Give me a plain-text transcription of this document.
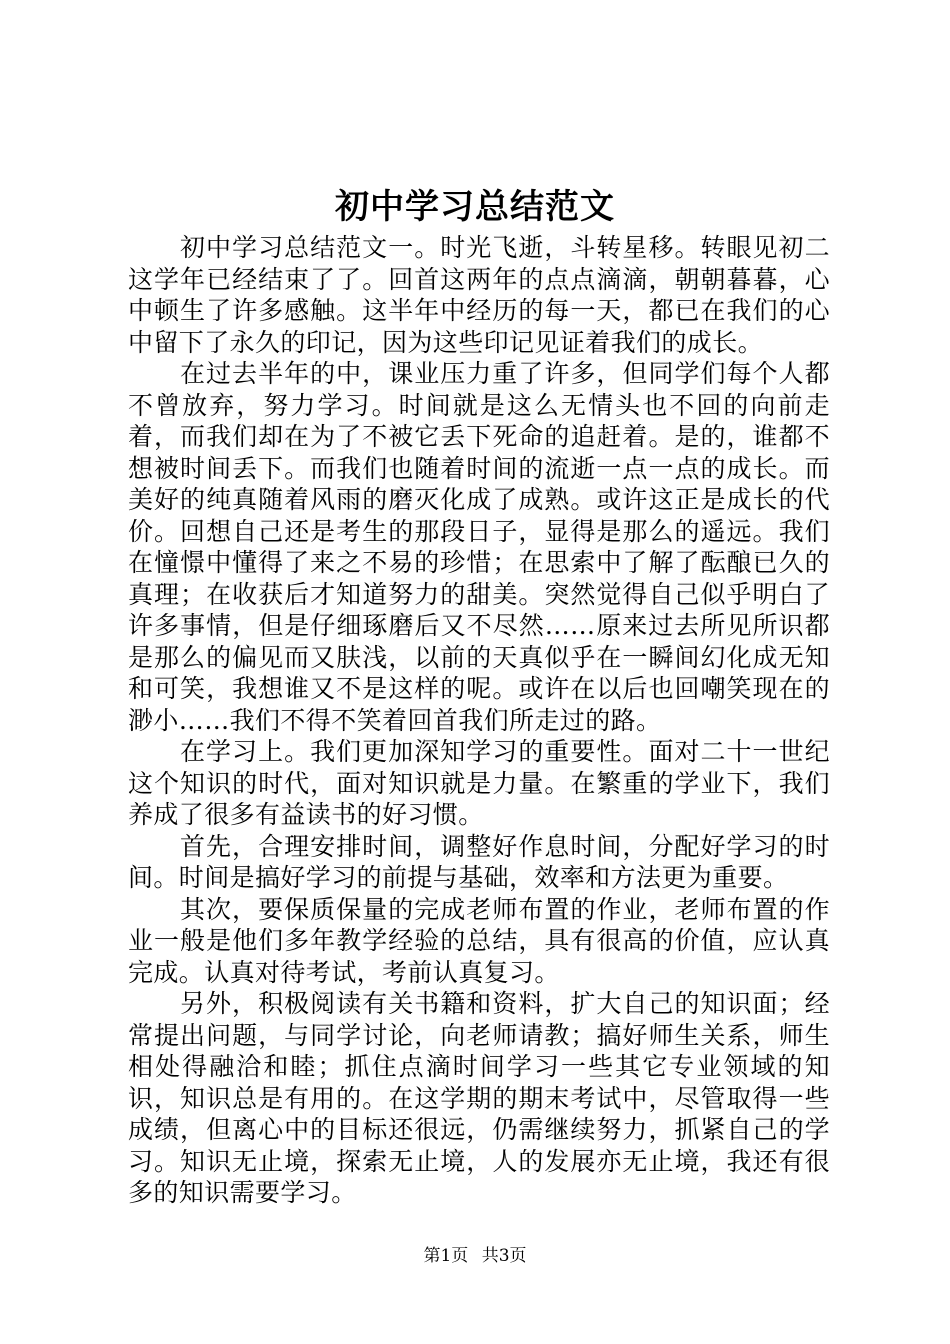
初中学习总结范文

初中学习总结范文一。时光飞逝，斗转星移。转眼见初二这学年已经结束了了。回首这两年的点点滴滴，朝朝暮暮，心中顿生了许多感触。这半年中经历的每一天，都已在我们的心中留下了永久的印记，因为这些印记见证着我们的成长。

在过去半年的中，课业压力重了许多，但同学们每个人都不曾放弃，努力学习。时间就是这么无情头也不回的向前走着，而我们却在为了不被它丢下死命的追赶着。是的，谁都不想被时间丢下。而我们也随着时间的流逝一点一点的成长。而美好的纯真随着风雨的磨灭化成了成熟。或许这正是成长的代价。回想自己还是考生的那段日子，显得是那么的遥远。我们在憧憬中懂得了来之不易的珍惜；在思索中了解了酝酿已久的真理；在收获后才知道努力的甜美。突然觉得自己似乎明白了许多事情，但是仔细琢磨后又不尽然……原来过去所见所识都是那么的偏见而又肤浅，以前的天真似乎在一瞬间幻化成无知和可笑，我想谁又不是这样的呢。或许在以后也回嘲笑现在的渺小……我们不得不笑着回首我们所走过的路。

在学习上。我们更加深知学习的重要性。面对二十一世纪这个知识的时代，面对知识就是力量。在繁重的学业下，我们养成了很多有益读书的好习惯。

首先，合理安排时间，调整好作息时间，分配好学习的时间。时间是搞好学习的前提与基础，效率和方法更为重要。

其次，要保质保量的完成老师布置的作业，老师布置的作业一般是他们多年教学经验的总结，具有很高的价值，应认真完成。认真对待考试，考前认真复习。

另外，积极阅读有关书籍和资料，扩大自己的知识面；经常提出问题，与同学讨论，向老师请教；搞好师生关系，师生相处得融洽和睦；抓住点滴时间学习一些其它专业领域的知识，知识总是有用的。在这学期的期末考试中，尽管取得一些成绩，但离心中的目标还很远，仍需继续努力，抓紧自己的学习。知识无止境，探索无止境，人的发展亦无止境，我还有很多的知识需要学习。

第1页 共3页
